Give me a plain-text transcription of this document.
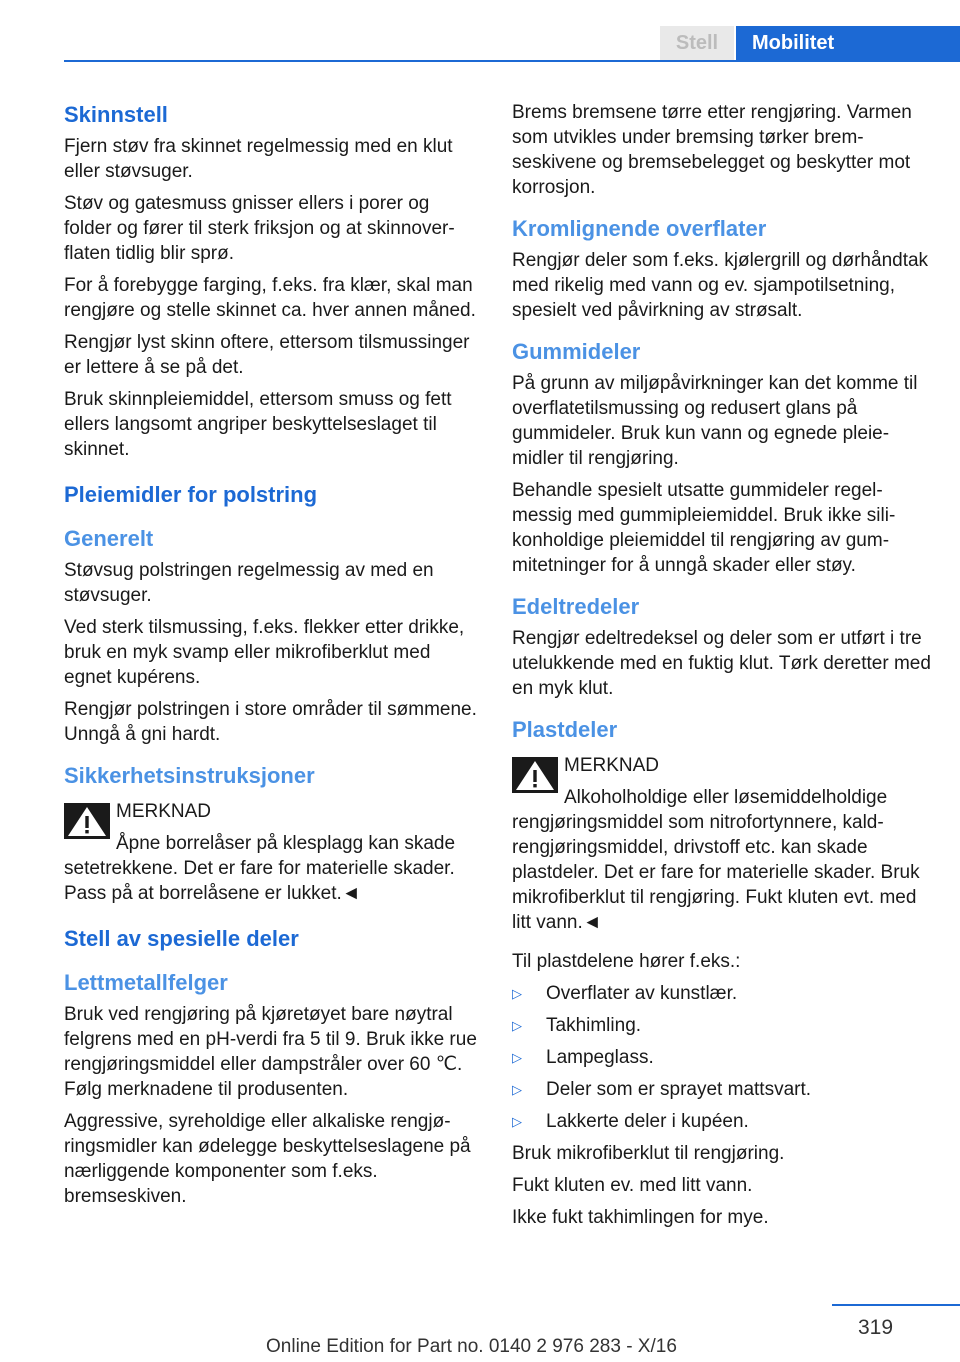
Stell	Mobilitet
Skinnstell
Fjern støv fra skinnet regelmessig med en klut eller støvsuger.
Støv og gatesmuss gnisser ellers i porer og folder og fører til sterk friksjon og at skinnoverflaten tidlig blir sprø.
For å forebygge farging, f.eks. fra klær, skal man rengjøre og stelle skinnet ca. hver annen måned.
Rengjør lyst skinn oftere, ettersom tilsmussinger er lettere å se på det.
Bruk skinnpleiemiddel, ettersom smuss og fett ellers langsomt angriper beskyttelseslaget til skinnet.
Pleiemidler for polstring
Generelt
Støvsug polstringen regelmessig av med en støvsuger.
Ved sterk tilsmussing, f.eks. flekker etter drikke, bruk en myk svamp eller mikrofiberklut med egnet kupérens.
Rengjør polstringen i store områder til sømmene. Unngå å gni hardt.
Sikkerhetsinstruksjoner
MERKNAD
Åpne borrelåser på klesplagg kan skade
setetrekkene. Det er fare for materielle skader. Pass på at borrelåsene er lukket.◄
Stell av spesielle deler
Lettmetallfelger
Bruk ved rengjøring på kjøretøyet bare nøytral felgrens med en pH-verdi fra 5 til 9. Bruk ikke rue rengjøringsmiddel eller dampstråler over 60 ℃. Følg merknadene til produsenten.
Aggressive, syreholdige eller alkaliske rengjøringsmidler kan ødelegge beskyttelseslagene på nærliggende komponenter som f.eks. bremseskiven.
Brems bremsene tørre etter rengjøring. Varmen som utvikles under bremsing tørker bremseskivene og bremsebelegget og beskytter mot korrosjon.
Kromlignende overflater
Rengjør deler som f.eks. kjølergrill og dørhåndtak med rikelig med vann og ev. sjampotilsetning, spesielt ved påvirkning av strøsalt.
Gummideler
På grunn av miljøpåvirkninger kan det komme til overflatetilsmussing og redusert glans på gummideler. Bruk kun vann og egnede pleiemidler til rengjøring.
Behandle spesielt utsatte gummideler regelmessig med gummipleiemiddel. Bruk ikke silikonholdige pleiemiddel til rengjøring av gummitetninger for å unngå skader eller støy.
Edeltredeler
Rengjør edeltredeksel og deler som er utført i tre utelukkende med en fuktig klut. Tørk deretter med en myk klut.
Plastdeler
MERKNAD
Alkoholholdige eller løsemiddelholdige
rengjøringsmiddel som nitrofortynnere, kaldrengjøringsmiddel, drivstoff etc. kan skade plastdeler. Det er fare for materielle skader. Bruk mikrofiberklut til rengjøring. Fukt kluten evt. med litt vann.◄
Til plastdelene hører f.eks.:
▷ Overflater av kunstlær.
▷ Takhimling.
▷ Lampeglass.
▷ Deler som er sprayet mattsvart.
▷ Lakkerte deler i kupéen.
Bruk mikrofiberklut til rengjøring.
Fukt kluten ev. med litt vann.
Ikke fukt takhimlingen for mye.
319
Online Edition for Part no. 0140 2 976 283 - X/16
